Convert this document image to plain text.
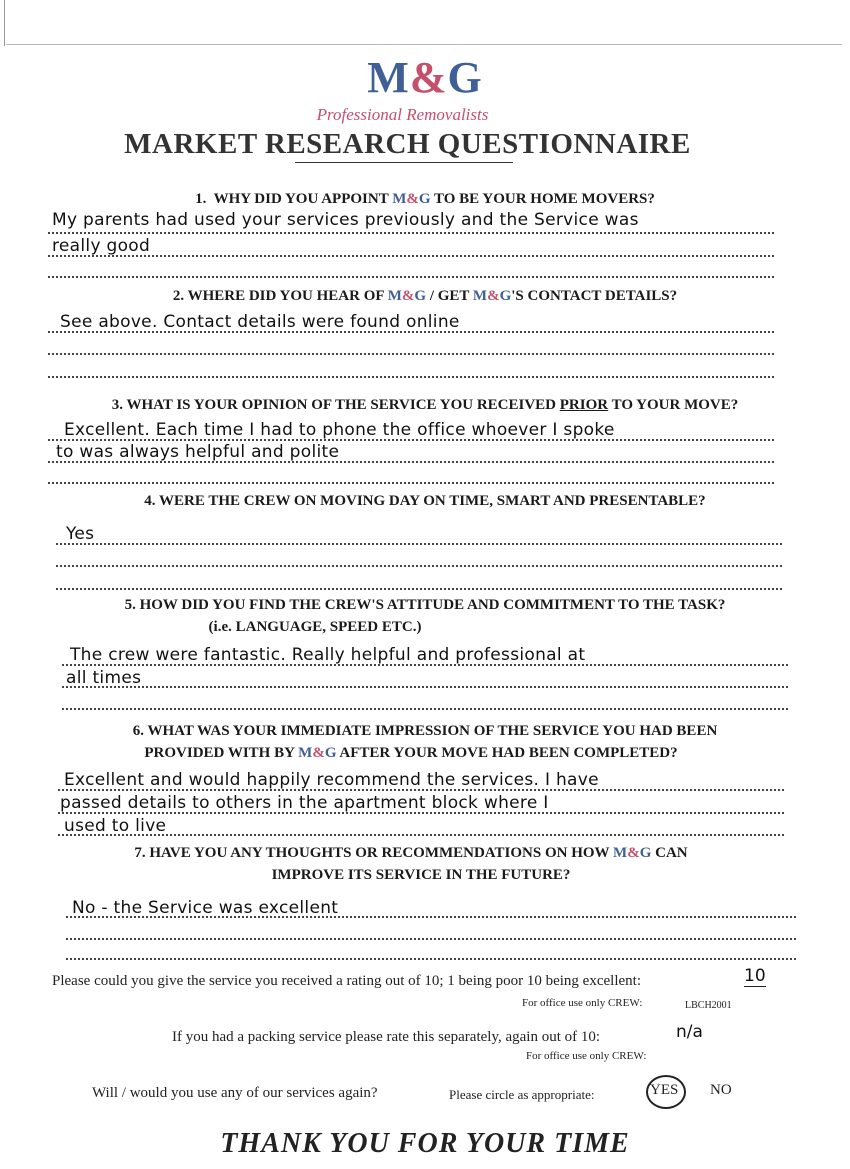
M&G
Professional Removalists
MARKET RESEARCH QUESTIONNAIRE
1. WHY DID YOU APPOINT M&G TO BE YOUR HOME MOVERS?
My parents had used your services previously and the Service was
really good
2. WHERE DID YOU HEAR OF M&G / GET M&G'S CONTACT DETAILS?
See above. Contact details were found online
3. WHAT IS YOUR OPINION OF THE SERVICE YOU RECEIVED PRIOR TO YOUR MOVE?
Excellent. Each time I had to phone the office whoever I spoke
to was always helpful and polite
4. WERE THE CREW ON MOVING DAY ON TIME, SMART AND PRESENTABLE?
Yes
5. HOW DID YOU FIND THE CREW'S ATTITUDE AND COMMITMENT TO THE TASK?
(i.e. LANGUAGE, SPEED ETC.)
The crew were fantastic. Really helpful and professional at
all times
6. WHAT WAS YOUR IMMEDIATE IMPRESSION OF THE SERVICE YOU HAD BEEN
PROVIDED WITH BY M&G AFTER YOUR MOVE HAD BEEN COMPLETED?
Excellent and would happily recommend the services. I have
passed details to others in the apartment block where I
used to live
7. HAVE YOU ANY THOUGHTS OR RECOMMENDATIONS ON HOW M&G CAN
IMPROVE ITS SERVICE IN THE FUTURE?
No - the Service was excellent
Please could you give the service you received a rating out of 10; 1 being poor 10 being excellent:	10
For office use only CREW:	LBCH2001
If you had a packing service please rate this separately, again out of 10:	n/a
For office use only CREW:
Will / would you use any of our services again?	Please circle as appropriate:	YES NO
THANK YOU FOR YOUR TIME
